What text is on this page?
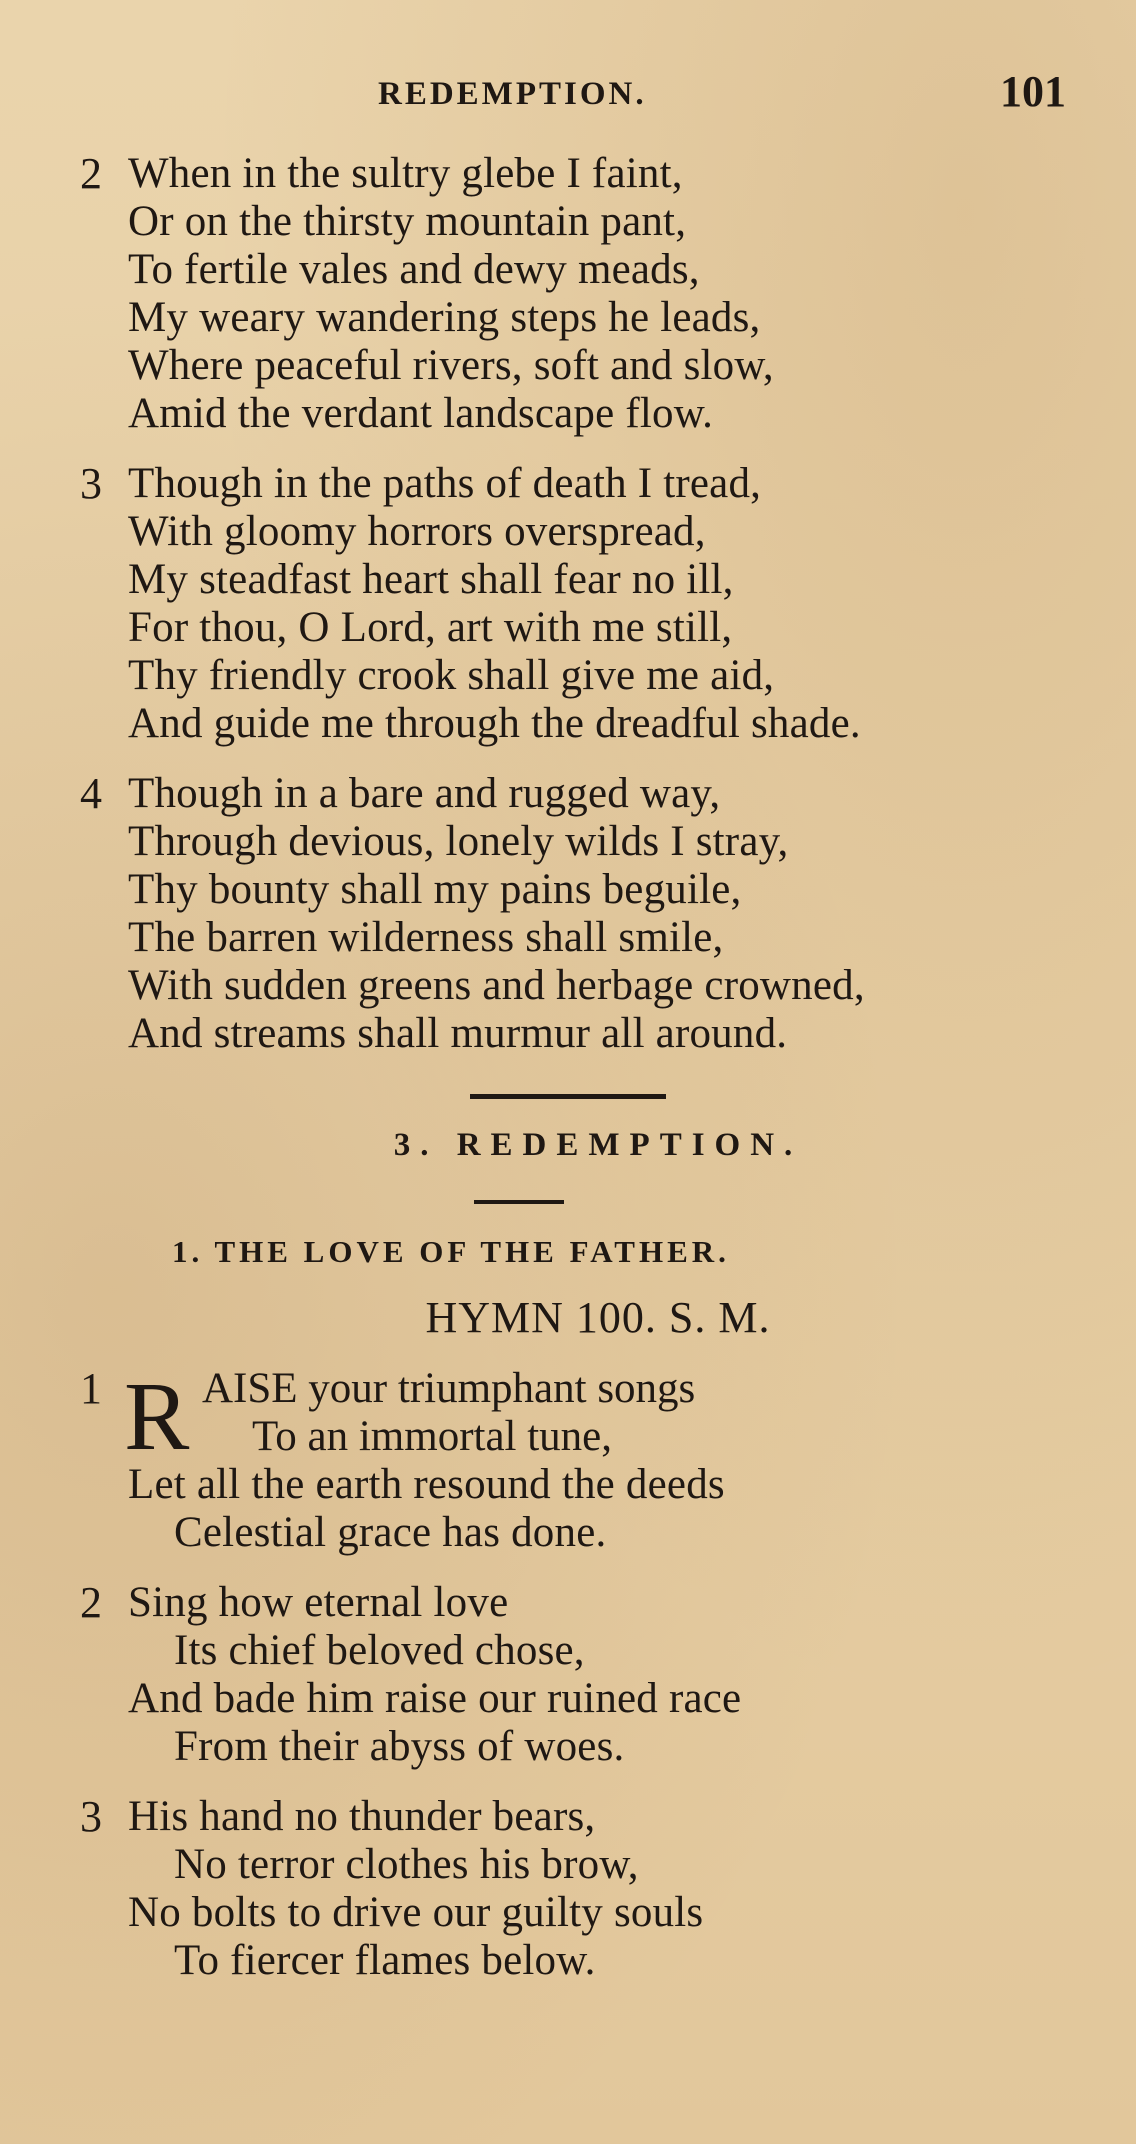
REDEMPTION.	101
2 When in the sultry glebe I faint,
Or on the thirsty mountain pant,
To fertile vales and dewy meads,
My weary wandering steps he leads,
Where peaceful rivers, soft and slow,
Amid the verdant landscape flow.
3 Though in the paths of death I tread,
With gloomy horrors overspread,
My steadfast heart shall fear no ill,
For thou, O Lord, art with me still,
Thy friendly crook shall give me aid,
And guide me through the dreadful shade.
4 Though in a bare and rugged way,
Through devious, lonely wilds I stray,
Thy bounty shall my pains beguile,
The barren wilderness shall smile,
With sudden greens and herbage crowned,
And streams shall murmur all around.
3. REDEMPTION.
1. THE LOVE OF THE FATHER.
HYMN 100. S. M.
1 R AISE your triumphant songs
To an immortal tune,
Let all the earth resound the deeds
Celestial grace has done.
2 Sing how eternal love
Its chief beloved chose,
And bade him raise our ruined race
From their abyss of woes.
3 His hand no thunder bears,
No terror clothes his brow,
No bolts to drive our guilty souls
To fiercer flames below.
